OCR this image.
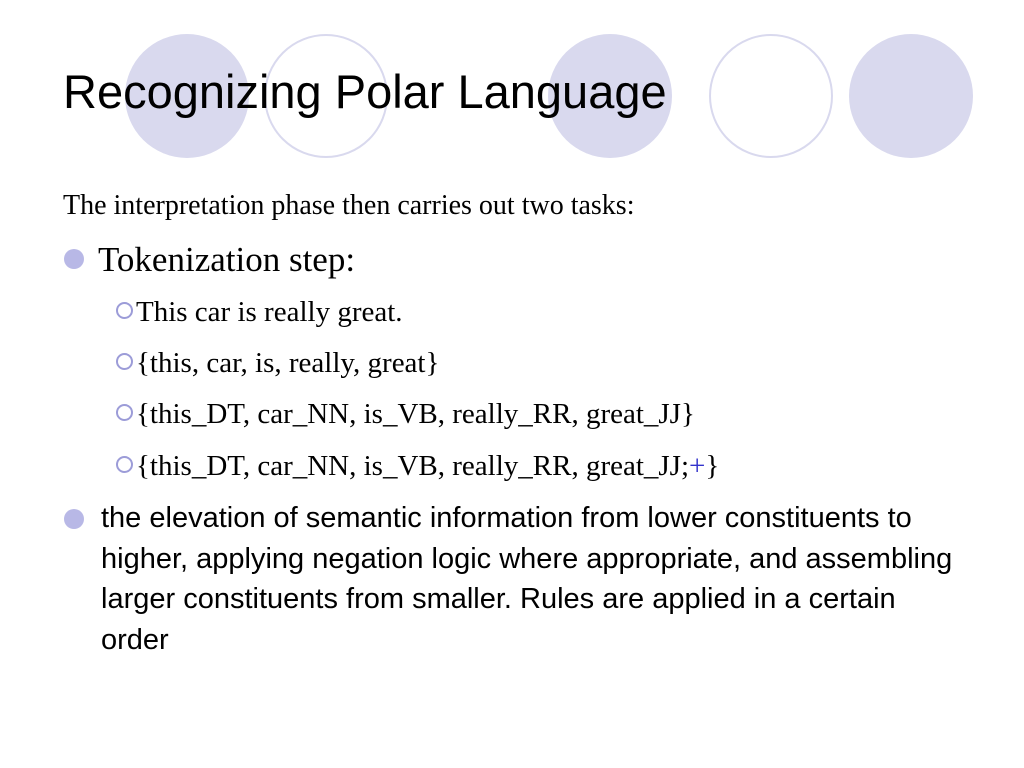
Recognizing Polar Language
The interpretation phase then carries out two tasks:
Tokenization step:
This car is really great.
{this, car, is, really, great}
{this_DT, car_NN, is_VB, really_RR, great_JJ}
{this_DT, car_NN, is_VB, really_RR, great_JJ;+}
the elevation of semantic information from lower constituents to higher, applying negation logic where appropriate, and assembling larger constituents from smaller. Rules are applied in a certain order
